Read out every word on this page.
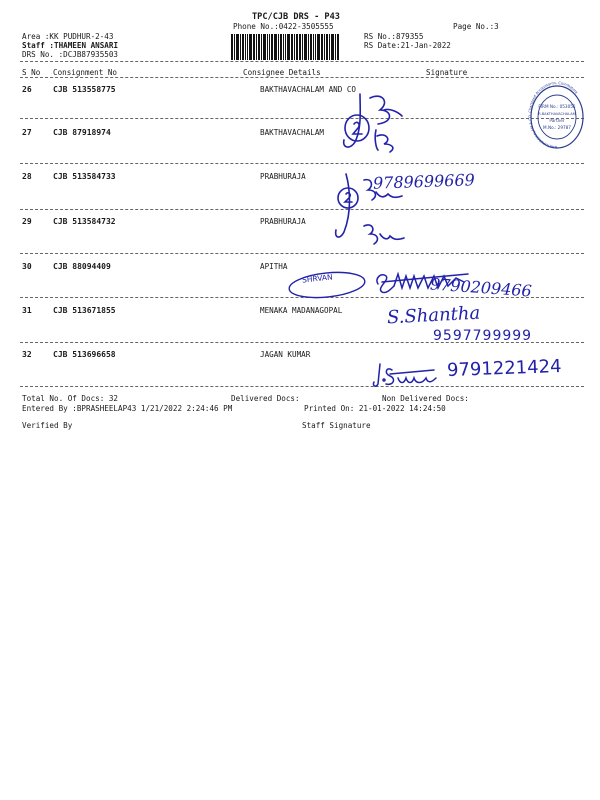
TPC/CJB DRS - P43
Phone No.:0422-3505555	Page No.:3
Area :KK PUDHUR-2-43
Staff :THAMEEN ANSARI
DRS No. :DCJB87935503
RS No.:879355
RS Date:21-Jan-2022
S No Consignment No	Consignee Details	Signature
26	CJB 513558775	BAKTHAVACHALAM AND CO
27	CJB 87918974	BAKTHAVACHALAM
28	CJB 513584733	PRABHURAJA
29	CJB 513584732	PRABHURAJA
30	CJB 88094409	APITHA
31	CJB 513671855	MENAKA MADANAGOPAL
32	CJB 513696658	JAGAN KUMAR
9789699669
SHRVAN	9790209466
S.Shantha
9597799999
9791221424
BAKTHAVACHALAM & CO. Chartered Accountants, Coimbatore
FIRM No.: 053055
R.BAKTHAVACHALAM
Partner
M.No.: 29787
Total No. Of Docs: 32	Delivered Docs:	Non Delivered Docs:
Entered By :BPRASHEELAP43 1/21/2022 2:24:46 PM	Printed On: 21-01-2022 14:24:50
Verified By	Staff Signature
